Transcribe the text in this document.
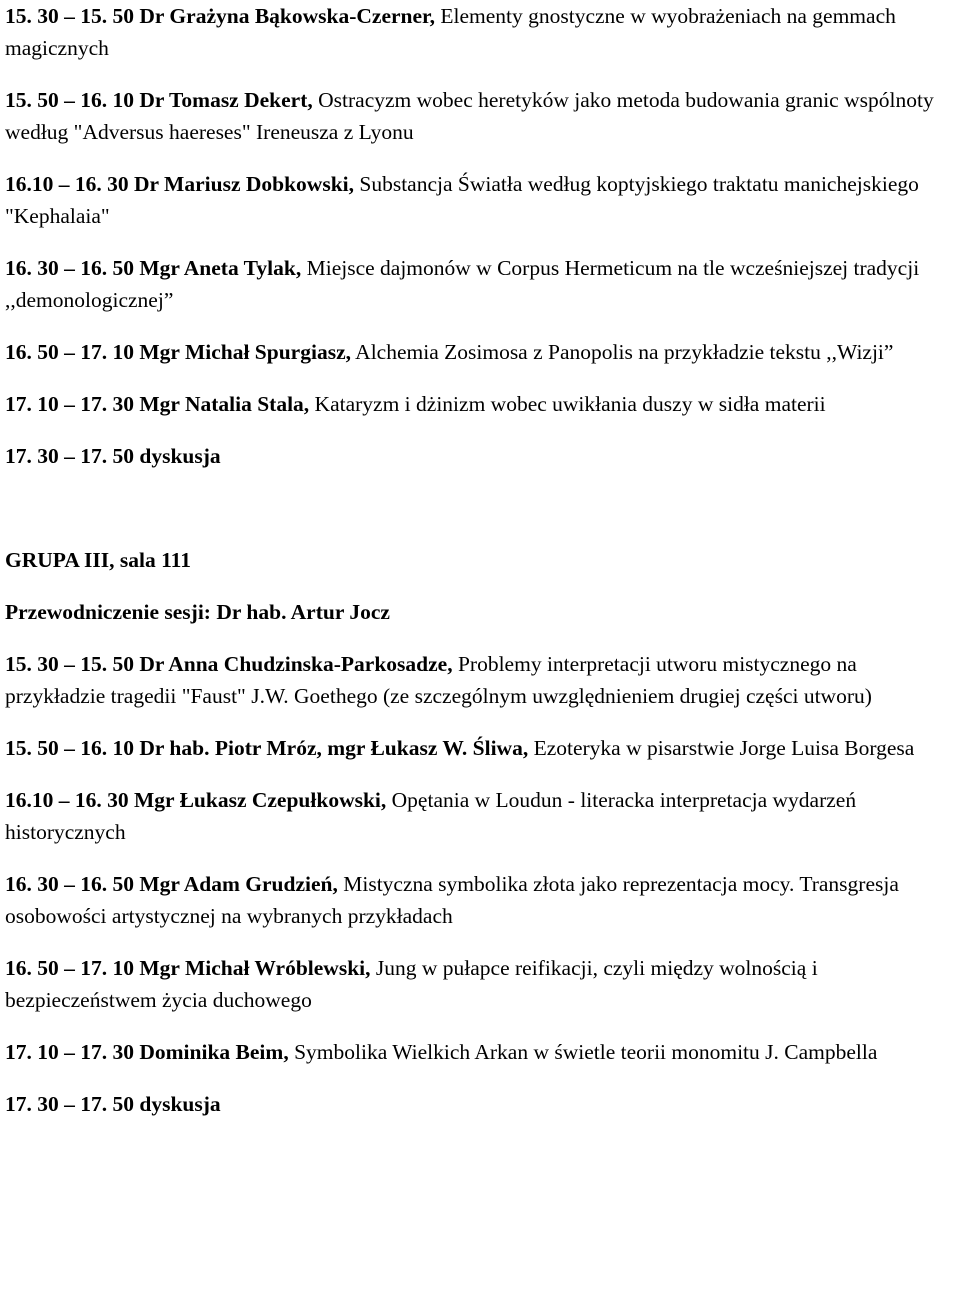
15. 30 – 15. 50 Dr Grażyna Bąkowska-Czerner, Elementy gnostyczne w wyobrażeniach na gemmach magicznych

15. 50 – 16. 10 Dr Tomasz Dekert, Ostracyzm wobec heretyków jako metoda budowania granic wspólnoty według "Adversus haereses" Ireneusza z Lyonu

16.10 – 16. 30 Dr Mariusz Dobkowski, Substancja Światła według koptyjskiego traktatu manichejskiego "Kephalaia"

16. 30 – 16. 50 Mgr Aneta Tylak, Miejsce dajmonów w Corpus Hermeticum na tle wcześniejszej tradycji ,,demonologicznej”

16. 50 – 17. 10 Mgr Michał Spurgiasz, Alchemia Zosimosa z Panopolis na przykładzie tekstu ,,Wizji”

17. 10 – 17. 30 Mgr Natalia Stala, Kataryzm i dżinizm wobec uwikłania duszy w sidła materii

17. 30 – 17. 50 dyskusja

GRUPA III, sala 111

Przewodniczenie sesji: Dr hab. Artur Jocz

15. 30 – 15. 50 Dr Anna Chudzinska-Parkosadze, Problemy interpretacji utworu mistycznego na przykładzie tragedii "Faust" J.W. Goethego (ze szczególnym uwzględnieniem drugiej części utworu)

15. 50 – 16. 10 Dr hab. Piotr Mróz, mgr Łukasz W. Śliwa, Ezoteryka w pisarstwie Jorge Luisa Borgesa

16.10 – 16. 30 Mgr Łukasz Czepułkowski, Opętania w Loudun - literacka interpretacja wydarzeń historycznych

16. 30 – 16. 50 Mgr Adam Grudzień, Mistyczna symbolika złota jako reprezentacja mocy. Transgresja osobowości artystycznej na wybranych przykładach

16. 50 – 17. 10 Mgr Michał Wróblewski, Jung w pułapce reifikacji, czyli między wolnością i bezpieczeństwem życia duchowego

17. 10 – 17. 30 Dominika Beim, Symbolika Wielkich Arkan w świetle teorii monomitu J. Campbella

17. 30 – 17. 50 dyskusja
